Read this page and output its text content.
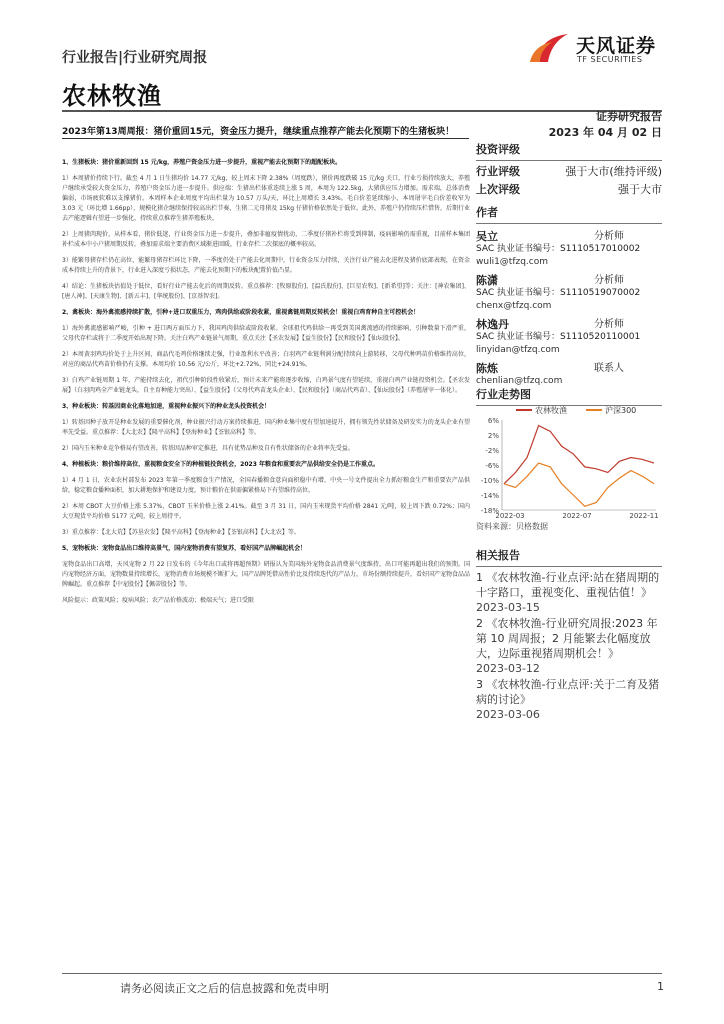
行业报告|行业研究周报
农林牧渔
天风证券
TF SECURITIES
证券研究报告
2023 年 04 月 02 日
2023年第13周周报：猪价重回15元，资金压力提升，继续重点推荐产能去化预期下的生猪板块！
1、生猪板块：猪价重新回到 15 元/kg，养殖户资金压力进一步提升，重视产能去化预期下的超配板块。
1）本周猪价持续下行。截至 4 月 1 日生猪均价 14.77 元/kg，较上周末下降 2.38%（周度跌），猪价再度跌破 15 元/kg 关口，行业亏损持续放大，养殖户继续承受较大资金压力，养殖户资金压力进一步提升。供应端：生猪出栏体重连续上涨 5 周，本周为 122.5kg，大猪供应压力增加。需求端，总体消费偏弱，市场疲软难以支撑猪价。本周样本企业周度平均出栏量为 10.57 万头/天，环比上周增长 3.43%。毛白价差延续缩小，本周屠宰毛白价差收窄为 3.03 元（环比增 1.66pp），规模化猪企继续保持较高出栏节奏，生猪二元母猪及 15kg 仔猪价格依然处于低位。此外，养殖户仍持续压栏惜售，后期行业去产能逻辑有望进一步强化，持续重点推荐生猪养殖板块。
2）上周猪肉现价，从样本看，猪价低迷，行业资金压力进一步提升，叠加非瘟疫情扰动，二季度仔猪补栏将受到抑制，疫病影响仍需重视，目前样本集团补栏成本中小户猪周期反转，叠加需求端主要消费区域渐进回暖，行业存栏二次探底的概率较高。
3）能繁母猪存栏仍在高位，能繁母猪存栏环比下降，一季度仍处于产能去化周期中，行业资金压力持续，关注行业产能去化进程及猪价底部表现，在资金成本持续上升的背景下，行业进入深度亏损状态，产能去化预期下的板块配置价值凸显。
4）结论：生猪板块估值处于低位，看好行业产能去化后的周期反转。重点推荐：[牧原股份]、[温氏股份]、[巨星农牧]、[新希望]等；关注：[神农集团]、[唐人神]、[天康生物]、[新五丰]、[华统股份]、[京基智农]。
2、禽板块：海外禽流感持续扩散，引种+进口双重压力，鸡肉供给或阶段收紧，重视禽链周期反转机会！重视白鸡育种自主可控机会！
1）海外禽流感影响严峻，引种 + 进口两方面压力下，我国鸡肉供给或阶段收紧。全球祖代鸡供给一再受到美国禽流感的持续影响，引种数量下滑严重，父母代存栏或将于二季度开始出现下降。关注白鸡产业链景气周期，重点关注【圣农发展】【益生股份】【民和股份】【仙坛股份】。
2）本周黄羽鸡均价处于上升区间，商品代毛鸡价格继续走强，行业盈利水平改善；白羽鸡产业链利润分配持续向上游转移，父母代种鸡苗价格维持高位，对应的商品代鸡苗价格仍有支撑。本周均价 10.56 元/公斤，环比+2.72%，同比+24.91%。
3）白鸡产业链周期 1 年，产能持续去化，祖代引种阶段性收紧后，预计未来产能将逐步收缩，白鸡景气度有望延续，重视白鸡产业链投资机会。【圣农发展】（白羽肉鸡全产业链龙头，自主育种能力突出）、【益生股份】（父母代鸡苗龙头企业）、【民和股份】（商品代鸡苗）、【仙坛股份】（养殖屠宰一体化）。
3、种业板块：转基因商业化落地加速，重视种业振兴下的种业龙头投资机会！
1）转基因种子放开是种业发展的重要催化剂，种业振兴行动方案持续推进，国内种业集中度有望加速提升，拥有领先性状储备及研发实力的龙头企业有望率先受益。重点推荐：【大北农】【隆平高科】【登海种业】【荃银高科】等。
2）国内玉米种业竞争格局有望改善，转基因品种审定推进，具有优势品种及自有性状储备的企业将率先受益。
4、种植板块：粮价维持高位，重视粮食安全下的种植链投资机会，2023 年粮食和重要农产品供给安全仍是工作重点。
1）4 月 1 日，农业农村部发布 2023 年第一季度粮食生产情况，全国春播粮食意向面积稳中有增，中央一号文件提出全力抓好粮食生产和重要农产品供给，稳定粮食播种面积，加大耕地保护和建设力度，预计粮价在供需偏紧格局下有望维持高位。
2）本周 CBOT 大豆价格上涨 5.37%，CBOT 玉米价格上涨 2.41%。截至 3 月 31 日，国内玉米现货平均价格 2841 元/吨，较上周下跌 0.72%；国内大豆现货平均价格 5177 元/吨，较上周持平。
3）重点推荐：【北大荒】【苏垦农发】【隆平高科】【登海种业】【荃银高科】【大北农】等。
5、宠物板块：宠物食品出口维持高景气，国内宠物消费有望复苏，看好国产品牌崛起机会！
宠物食品出口高增，天风宠物 2 月 22 日发布的《今年出口或将再超预期》研报认为美国海外宠物食品消费景气度维持，出口可能再超出我们的预期。国内宠物经济方面，宠物数量持续增长，宠物消费市场规模不断扩大，国产品牌凭借高性价比及持续迭代的产品力，市场份额持续提升，看好国产宠物食品品牌崛起。重点推荐【中宠股份】【佩蒂股份】等。
风险提示：政策风险；疫病风险；农产品价格波动；极端天气；进口受限
投资评级
行业评级	强于大市(维持评级)
上次评级	强于大市
作者
吴立	分析师
SAC 执业证书编号：S1110517010002
wuli1@tfzq.com
陈潇	分析师
SAC 执业证书编号：S1110519070002
chenx@tfzq.com
林逸丹	分析师
SAC 执业证书编号：S1110520110001
linyidan@tfzq.com
陈炼	联系人
chenlian@tfzq.com
行业走势图
6%
2%
-2%
-6%
-10%
-14%
-18%
2022-03	2022-07	2022-11
农林牧渔	沪深300
资料来源：贝格数据
相关报告
1 《农林牧渔-行业点评:站在猪周期的十字路口，重视变化、重视估值！》
2023-03-15
2 《农林牧渔-行业研究周报:2023 年第 10 周周报；2 月能繁去化幅度放大，边际重视猪周期机会！》
2023-03-12
3 《农林牧渔-行业点评:关于二育及猪病的讨论》
2023-03-06
请务必阅读正文之后的信息披露和免责申明	1
